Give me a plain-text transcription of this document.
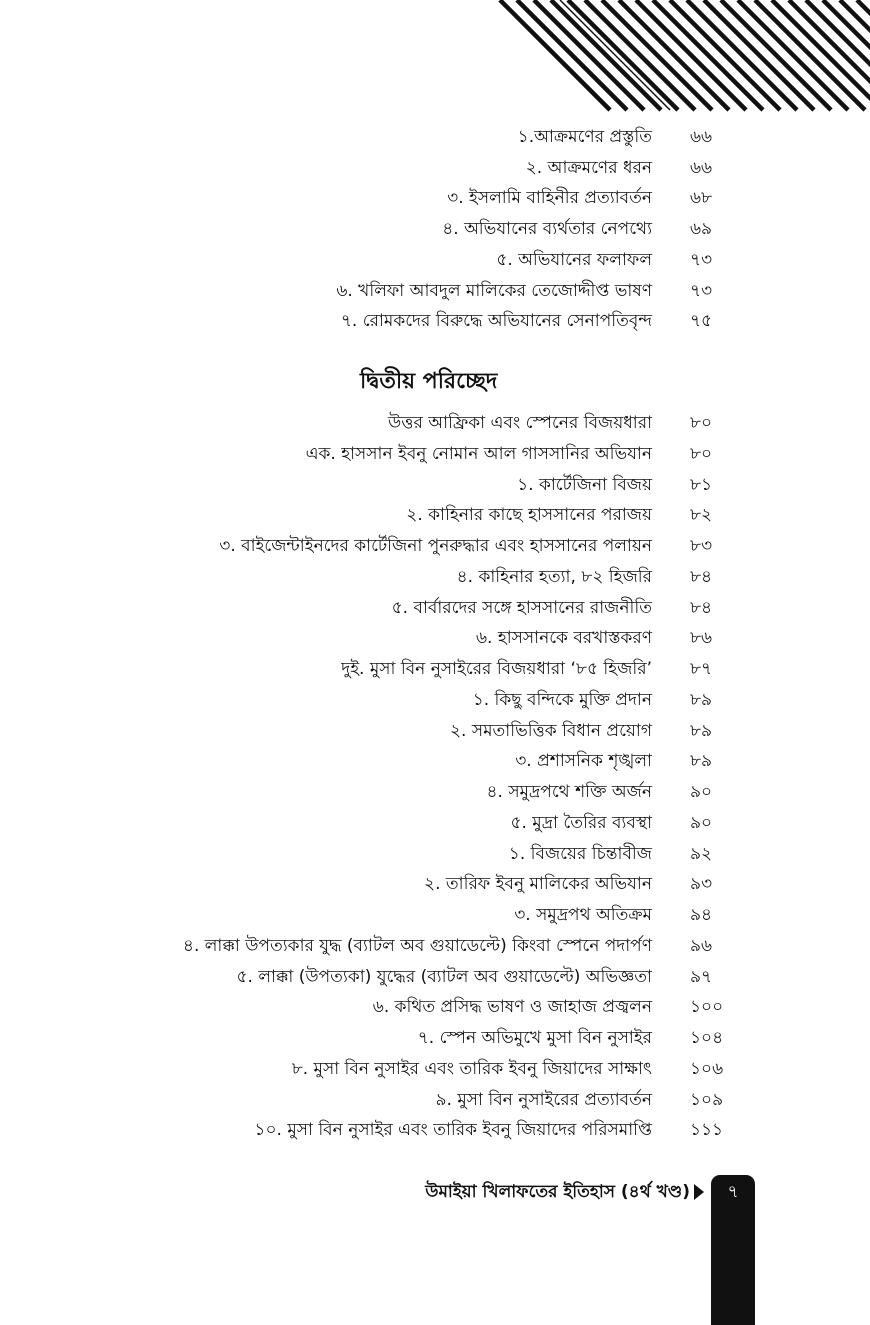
১.আক্রমণের প্রস্তুতি ৬৬
২. আক্রমণের ধরন ৬৬
৩. ইসলামি বাহিনীর প্রত্যাবর্তন ৬৮
৪. অভিযানের ব্যর্থতার নেপথ্যে ৬৯
৫. অভিযানের ফলাফল ৭৩
৬. খলিফা আবদুল মালিকের তেজোদ্দীপ্ত ভাষণ ৭৩
৭. রোমকদের বিরুদ্ধে অভিযানের সেনাপতিবৃন্দ ৭৫
দ্বিতীয় পরিচ্ছেদ
উত্তর আফ্রিকা এবং স্পেনের বিজয়ধারা ৮০
এক. হাসসান ইবনু নোমান আল গাসসানির অভিযান ৮০
১. কার্টেজিনা বিজয় ৮১
২. কাহিনার কাছে হাসসানের পরাজয় ৮২
৩. বাইজেন্টাইনদের কার্টেজিনা পুনরুদ্ধার এবং হাসসানের পলায়ন ৮৩
৪. কাহিনার হত্যা, ৮২ হিজরি ৮৪
৫. বার্বারদের সঙ্গে হাসসানের রাজনীতি ৮৪
৬. হাসসানকে বরখাস্তকরণ ৮৬
দুই. মুসা বিন নুসাইরের বিজয়ধারা ‘৮৫ হিজরি’ ৮৭
১. কিছু বন্দিকে মুক্তি প্রদান ৮৯
২. সমতাভিত্তিক বিধান প্রয়োগ ৮৯
৩. প্রশাসনিক শৃঙ্খলা ৮৯
৪. সমুদ্রপথে শক্তি অর্জন ৯০
৫. মুদ্রা তৈরির ব্যবস্থা ৯০
১. বিজয়ের চিন্তাবীজ ৯২
২. তারিফ ইবনু মালিকের অভিযান ৯৩
৩. সমুদ্রপথ অতিক্রম ৯৪
৪. লাক্কা উপত্যকার যুদ্ধ (ব্যাটল অব গুয়াডেল্টে) কিংবা স্পেনে পদার্পণ ৯৬
৫. লাক্কা (উপত্যকা) যুদ্ধের (ব্যাটল অব গুয়াডেল্টে) অভিজ্ঞতা ৯৭
৬. কথিত প্রসিদ্ধ ভাষণ ও জাহাজ প্রজ্বলন ১০০
৭. স্পেন অভিমুখে মুসা বিন নুসাইর ১০৪
৮. মুসা বিন নুসাইর এবং তারিক ইবনু জিয়াদের সাক্ষাৎ ১০৬
৯. মুসা বিন নুসাইরের প্রত্যাবর্তন ১০৯
১০. মুসা বিন নুসাইর এবং তারিক ইবনু জিয়াদের পরিসমাপ্তি ১১১
উমাইয়া খিলাফতের ইতিহাস (৪র্থ খণ্ড)	৭
